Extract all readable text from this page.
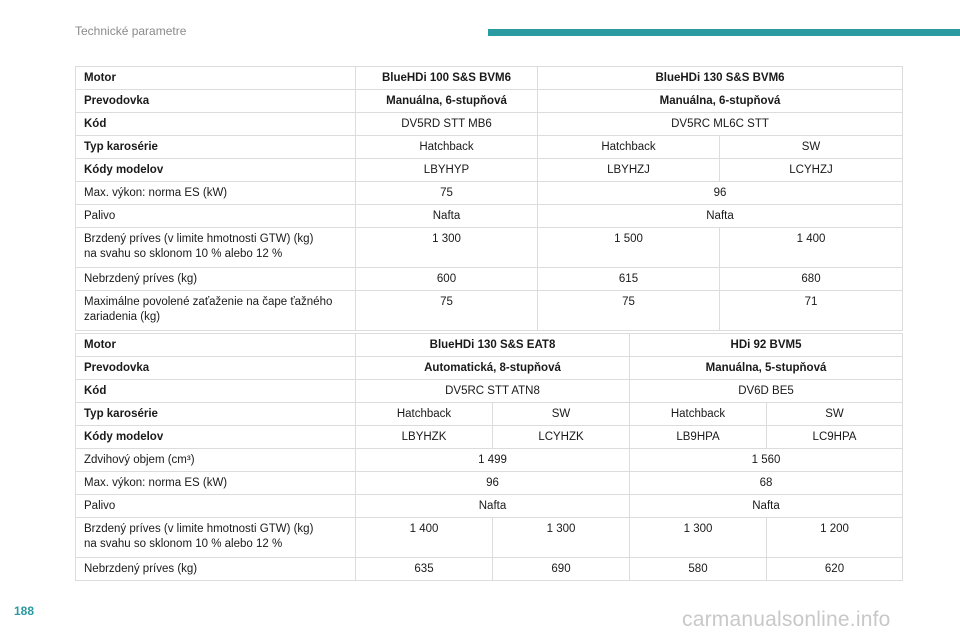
Technické parametre
Motor	BlueHDi 100 S&S BVM6	BlueHDi 130 S&S BVM6	
Prevodovka	Manuálna, 6-stupňová	Manuálna, 6-stupňová	
Kód	DV5RD STT MB6	DV5RC ML6C STT	
Typ karosérie	Hatchback	Hatchback	SW
Kódy modelov	LBYHYP	LBYHZJ	LCYHZJ
Max. výkon: norma ES (kW)	75	96	
Palivo	Nafta	Nafta	
Brzdený príves (v limite hmotnosti GTW) (kg)
na svahu so sklonom 10 % alebo 12 %	1 300	1 500	1 400
Nebrzdený príves (kg)	600	615	680
Maximálne povolené zaťaženie na čape ťažného
zariadenia (kg)	75	75	71
Motor	BlueHDi 130 S&S EAT8		HDi 92 BVM5	
Prevodovka	Automatická, 8-stupňová		Manuálna, 5-stupňová	
Kód	DV5RC STT ATN8		DV6D BE5	
Typ karosérie	Hatchback	SW	Hatchback	SW
Kódy modelov	LBYHZK	LCYHZK	LB9HPA	LC9HPA
Zdvihový objem (cm³)	1 499		1 560	
Max. výkon: norma ES (kW)	96		68	
Palivo	Nafta		Nafta	
Brzdený príves (v limite hmotnosti GTW) (kg)
na svahu so sklonom 10 % alebo 12 %	1 400	1 300	1 300	1 200
Nebrzdený príves (kg)	635	690	580	620
188	carmanualsonline.info
